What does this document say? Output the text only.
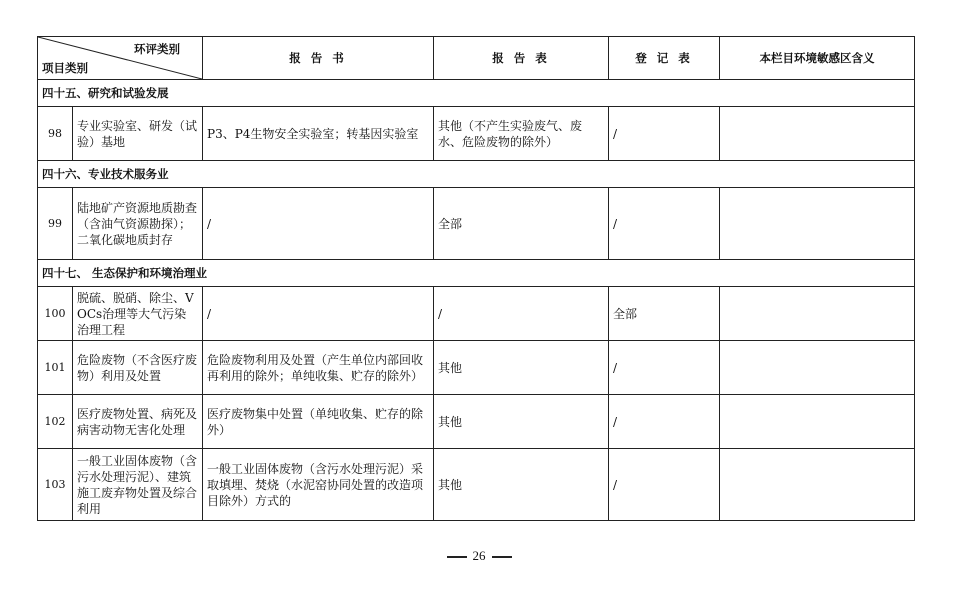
环评类别
项目类别		报 告 书	报 告 表	登 记 表	本栏目环境敏感区含义
四十五、研究和试验发展					
98	专业实验室、研发（试验）基地	P3、P4生物安全实验室；转基因实验室	其他（不产生实验废气、废水、危险废物的除外）	/	
四十六、专业技术服务业					
99	陆地矿产资源地质勘查（含油气资源勘探）；二氧化碳地质封存	/	全部	/	
四十七、 生态保护和环境治理业					
100	脱硫、脱硝、除尘、VOCs治理等大气污染治理工程	/	/	全部	
101	危险废物（不含医疗废物）利用及处置	危险废物利用及处置（产生单位内部回收再利用的除外；单纯收集、贮存的除外）	其他	/	
102	医疗废物处置、病死及病害动物无害化处理	医疗废物集中处置（单纯收集、贮存的除外）	其他	/	
103	一般工业固体废物（含污水处理污泥）、建筑施工废弃物处置及综合利用	一般工业固体废物（含污水处理污泥）采取填埋、焚烧（水泥窑协同处置的改造项目除外）方式的	其他	/	
26
